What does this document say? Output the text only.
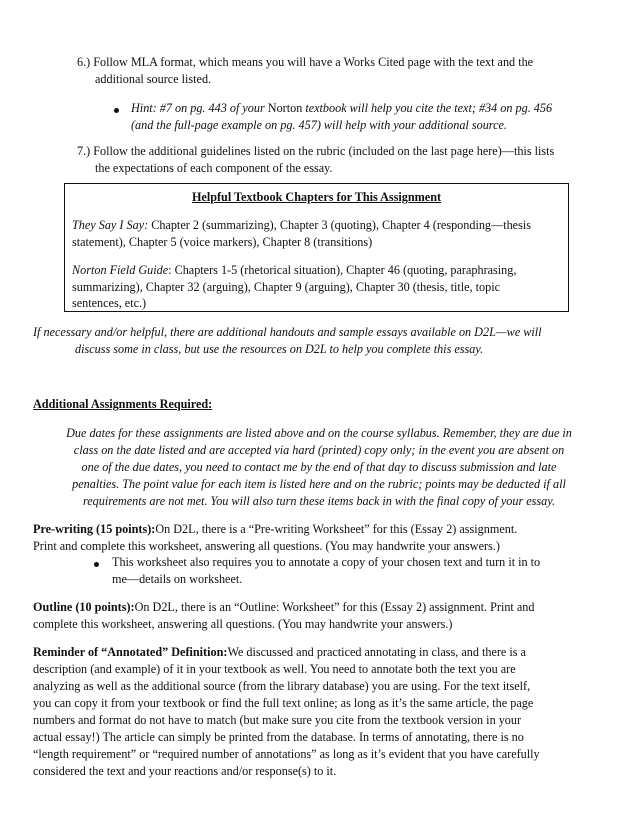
6.) Follow MLA format, which means you will have a Works Cited page with the text and the
additional source listed.
Hint: #7 on pg. 443 of your Norton textbook will help you cite the text; #34 on pg. 456
(and the full-page example on pg. 457) will help with your additional source.
7.) Follow the additional guidelines listed on the rubric (included on the last page here)—this lists
the expectations of each component of the essay.
Helpful Textbook Chapters for This Assignment
They Say I Say: Chapter 2 (summarizing), Chapter 3 (quoting), Chapter 4 (responding—thesis
statement), Chapter 5 (voice markers), Chapter 8 (transitions)
Norton Field Guide: Chapters 1-5 (rhetorical situation), Chapter 46 (quoting, paraphrasing,
summarizing), Chapter 32 (arguing), Chapter 9 (arguing), Chapter 30 (thesis, title, topic
sentences, etc.)
If necessary and/or helpful, there are additional handouts and sample essays available on D2L—we will
discuss some in class, but use the resources on D2L to help you complete this essay.
Additional Assignments Required:
Due dates for these assignments are listed above and on the course syllabus. Remember, they are due in
class on the date listed and are accepted via hard (printed) copy only; in the event you are absent on
one of the due dates, you need to contact me by the end of that day to discuss submission and late
penalties. The point value for each item is listed here and on the rubric; points may be deducted if all
requirements are not met. You will also turn these items back in with the final copy of your essay.
Pre-writing (15 points):On D2L, there is a “Pre-writing Worksheet” for this (Essay 2) assignment.
Print and complete this worksheet, answering all questions. (You may handwrite your answers.)
This worksheet also requires you to annotate a copy of your chosen text and turn it in to
me—details on worksheet.
Outline (10 points):On D2L, there is an “Outline: Worksheet” for this (Essay 2) assignment. Print and
complete this worksheet, answering all questions. (You may handwrite your answers.)
Reminder of “Annotated” Definition:We discussed and practiced annotating in class, and there is a
description (and example) of it in your textbook as well. You need to annotate both the text you are
analyzing as well as the additional source (from the library database) you are using. For the text itself,
you can copy it from your textbook or find the full text online; as long as it’s the same article, the page
numbers and format do not have to match (but make sure you cite from the textbook version in your
actual essay!) The article can simply be printed from the database. In terms of annotating, there is no
“length requirement” or “required number of annotations” as long as it’s evident that you have carefully
considered the text and your reactions and/or response(s) to it.
